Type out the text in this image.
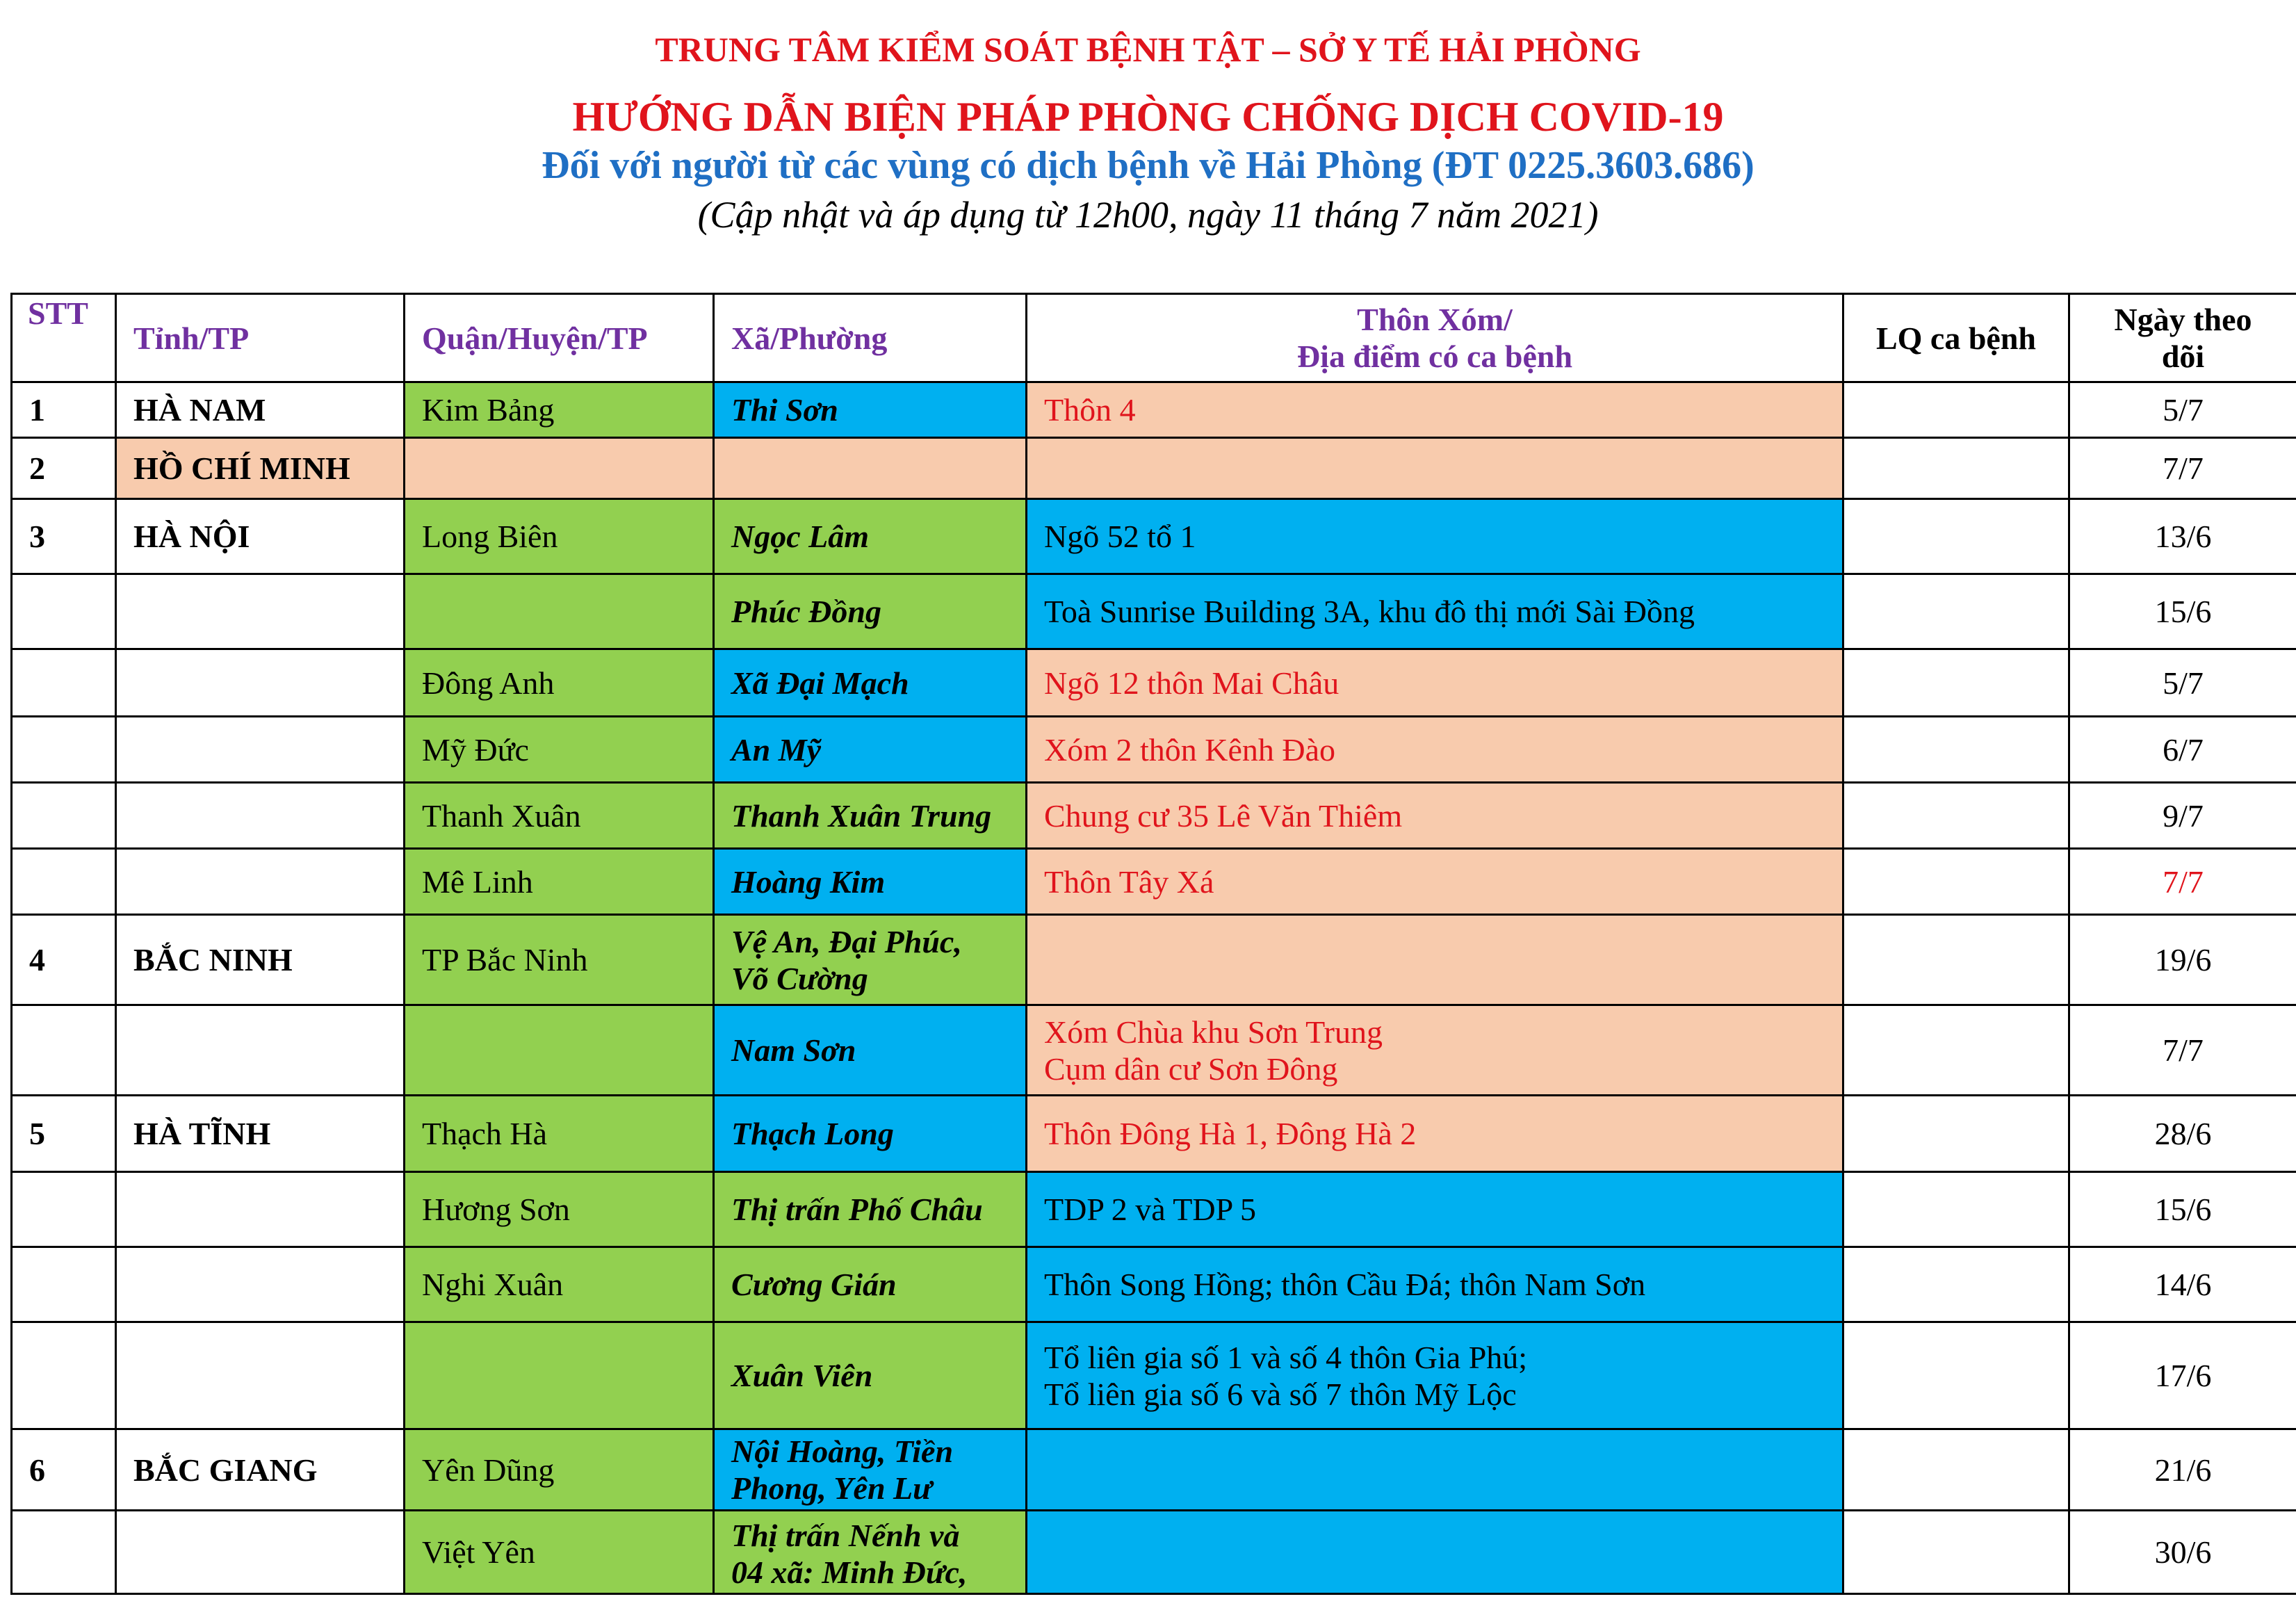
TRUNG TÂM KIỂM SOÁT BỆNH TẬT – SỞ Y TẾ HẢI PHÒNG
HƯỚNG DẪN BIỆN PHÁP PHÒNG CHỐNG DỊCH COVID-19
Đối với người từ các vùng có dịch bệnh về Hải Phòng (ĐT 0225.3603.686)
(Cập nhật và áp dụng từ 12h00, ngày 11 tháng 7 năm 2021)
STT	Tỉnh/TP	Quận/Huyện/TP	Xã/Phường	Thôn Xóm/
Địa điểm có ca bệnh	LQ ca bệnh	Ngày theo
dõi

1	HÀ NAM	Kim Bảng	Thi Sơn	Thôn 4		5/7
2	HỒ CHÍ MINH					7/7
3	HÀ NỘI	Long Biên	Ngọc Lâm	Ngõ 52 tổ 1		13/6
			Phúc Đồng	Toà Sunrise Building 3A, khu đô thị mới Sài Đồng		15/6
		Đông Anh	Xã Đại Mạch	Ngõ 12 thôn Mai Châu		5/7
		Mỹ Đức	An Mỹ	Xóm 2 thôn Kênh Đào		6/7
		Thanh Xuân	Thanh Xuân Trung	Chung cư 35 Lê Văn Thiêm		9/7
		Mê Linh	Hoàng Kim	Thôn Tây Xá		7/7
4	BẮC NINH	TP Bắc Ninh	Vệ An, Đại Phúc,
Võ Cường			19/6
			Nam Sơn	Xóm Chùa khu Sơn Trung
Cụm dân cư Sơn Đông		7/7
5	HÀ TĨNH	Thạch Hà	Thạch Long	Thôn Đông Hà 1, Đông Hà 2		28/6
		Hương Sơn	Thị trấn Phố Châu	TDP 2 và TDP 5		15/6
		Nghi Xuân	Cương Gián	Thôn Song Hồng; thôn Cầu Đá; thôn Nam Sơn		14/6
			Xuân Viên	Tổ liên gia số 1 và số 4 thôn Gia Phú;
Tổ liên gia số 6 và số 7 thôn Mỹ Lộc		17/6
6	BẮC GIANG	Yên Dũng	Nội Hoàng, Tiền
Phong, Yên Lư			21/6
		Việt Yên	Thị trấn Nếnh và
04 xã: Minh Đức,			30/6
